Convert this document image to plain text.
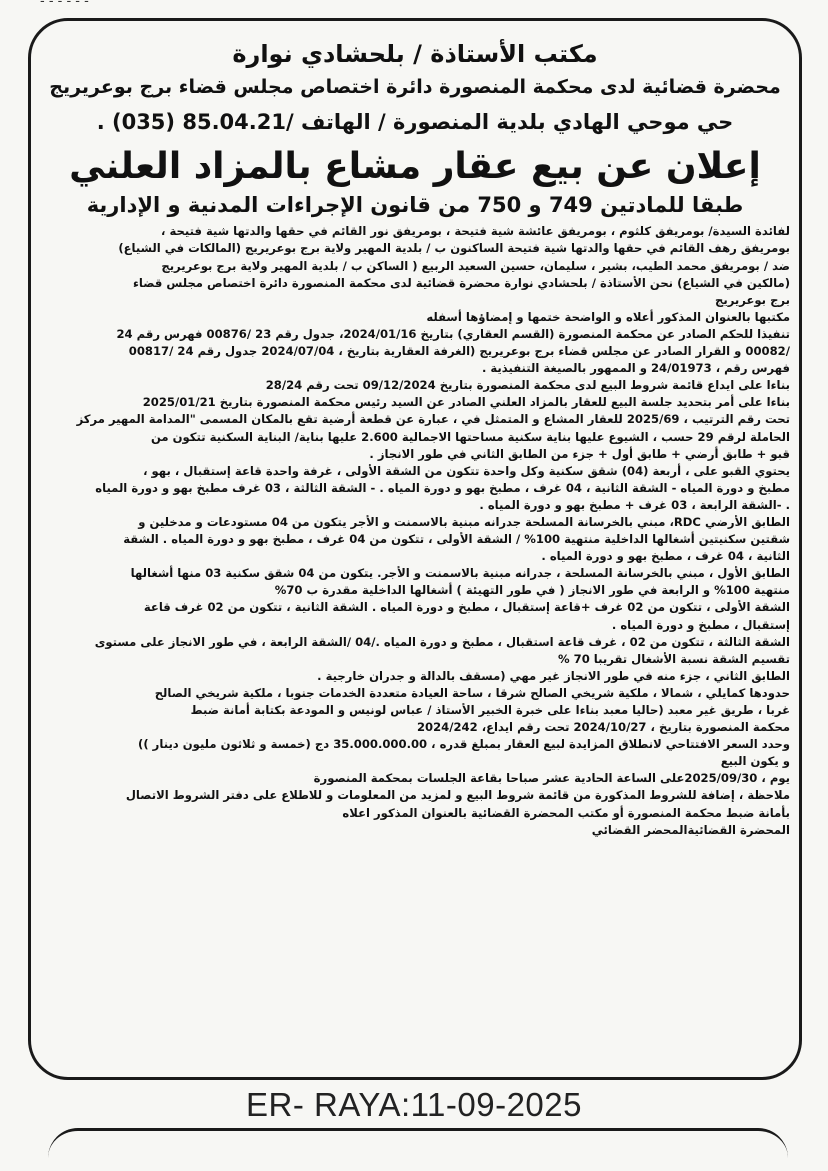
- - - - - -

مكتب الأستاذة / بلحشادي نوارة

محضرة قضائية لدى محكمة المنصورة دائرة اختصاص مجلس قضاء برج بوعريريج

حي موحي الهادي بلدية المنصورة / الهاتف /85.04.21 (035) .

إعلان عن بيع عقار مشاع بالمزاد العلني

طبقا للمادتين 749 و 750 من قانون الإجراءات المدنية و الإدارية

لفائدة السيدة/ بومريفق كلثوم ، بومريفق عائشة شية فتيحة ، بومريفق نور القائم في حقها والدتها شية فتيحة ،

بومريفق رهف القائم في حقها والدتها شية فتيحة الساكنون ب / بلدية المهير ولاية برج بوعريريج (المالكات في الشياع)

ضد / بومريفق محمد الطيب، بشير ، سليمان، حسين السعيد الربيع ( الساكن ب / بلدية المهير ولاية برج بوعريريج

(مالكين في الشياع) نحن الأستاذة / بلحشادي نوارة محضرة قضائية لدى محكمة المنصورة دائرة اختصاص مجلس قضاء

برج بوعريريج

مكتبها بالعنوان المذكور أعلاه و الواضحة ختمها و إمضاؤها أسفله

تنفيذا للحكم الصادر عن محكمة المنصورة (القسم العقاري) بتاريخ 2024/01/16، جدول رقم 23 /00876 فهرس رقم 24

/00082 و القرار الصادر عن مجلس قضاء برج بوعريريج (الغرفة العقارية بتاريخ ، 2024/07/04 جدول رقم 24 /00817

فهرس رقم ، 24/01973 و الممهور بالصيغة التنفيذية .

بناءا على ايداع قائمة شروط البيع لدى محكمة المنصورة بتاريخ 09/12/2024 تحت رقم 28/24

بناءا على أمر بتحديد جلسة البيع للعقار بالمزاد العلني الصادر عن السيد رئيس محكمة المنصورة بتاريخ 2025/01/21

تحت رقم الترتيب ، 2025/69 للعقار المشاع و المتمثل في ، عبارة عن قطعة أرضية تقع بالمكان المسمى "المدامة المهير مركز

الحاملة لرقم 29 حسب ، الشيوع عليها بناية سكنية مساحتها الاجمالية 2.600 عليها بناية/ البناية السكنية تتكون من

قبو + طابق أرضي + طابق أول + جزء من الطابق الثاني في طور الانجاز .

يحتوي القبو على ، أربعة (04) شقق سكنية وكل واحدة تتكون من الشقة الأولى ، غرفة واحدة قاعة إستقبال ، بهو ،

مطبخ و دورة المياه - الشقة الثانية ، 04 غرف ، مطبخ بهو و دورة المياه . - الشقة الثالثة ، 03 غرف مطبخ بهو و دورة المياه

. -الشقة الرابعة ، 03 غرف + مطبخ بهو و دورة المياه .

الطابق الأرضي RDC، مبني بالخرسانة المسلحة جدرانه مبنية بالاسمنت و الأجر يتكون من 04 مستودعات و مدخلين و

شقتين سكنيتين أشغالها الداخلية منتهية 100% / الشقة الأولى ، تتكون من 04 غرف ، مطبخ بهو و دورة المياه . الشقة

الثانية ، 04 غرف ، مطبخ بهو و دورة المياه .

الطابق الأول ، مبني بالخرسانة المسلحة ، جدرانه مبنية بالاسمنت و الأجر. يتكون من 04 شقق سكنية 03 منها أشغالها

منتهية 100% و الرابعة في طور الانجاز ( في طور التهيئة ) أشغالها الداخلية مقدرة ب 70%

الشقة الأولى ، تتكون من 02 غرف +قاعة إستقبال ، مطبخ و دورة المياه . الشقة الثانية ، تتكون من 02 غرف قاعة

إستقبال ، مطبخ و دورة المياه .

الشقة الثالثة ، تتكون من 02 ، غرف قاعة استقبال ، مطبخ و دورة المياه ./04 /الشقة الرابعة ، في طور الانجاز على مستوى

تقسيم الشقة نسبة الأشغال تقريبا 70 %

الطابق الثاني ، جزء منه في طور الانجاز غير مهي (مسقف بالدالة و جدران خارجية .

حدودها كمايلي ، شمالا ، ملكية شريخي الصالح شرقا ، ساحة العيادة متعددة الخدمات جنوبا ، ملكية شريخي الصالح

غربا ، طريق غير معبد (حاليا معبد بناءا على خبرة الخبير الأستاذ / عباس لونيس و المودعة بكتابة أمانة ضبط

محكمة المنصورة بتاريخ ، 2024/10/27 تحت رقم ايداع، 2024/242

وحدد السعر الافتتاحي لانطلاق المزايدة لبيع العقار بمبلغ قدره ، 35.000.000.00 دج (خمسة و ثلاثون مليون دينار ))

و يكون البيع

يوم ، 2025/09/30على الساعة الحادية عشر صباحا بقاعة الجلسات بمحكمة المنصورة

ملاحظة ، إضافة للشروط المذكورة من قائمة شروط البيع و لمزيد من المعلومات و للاطلاع على دفتر الشروط الاتصال

بأمانة ضبط محكمة المنصورة أو مكتب المحضرة القضائية بالعنوان المذكور اعلاه

المحضرة القضائيةالمحضر القضائي

ER- RAYA:11-09-2025
